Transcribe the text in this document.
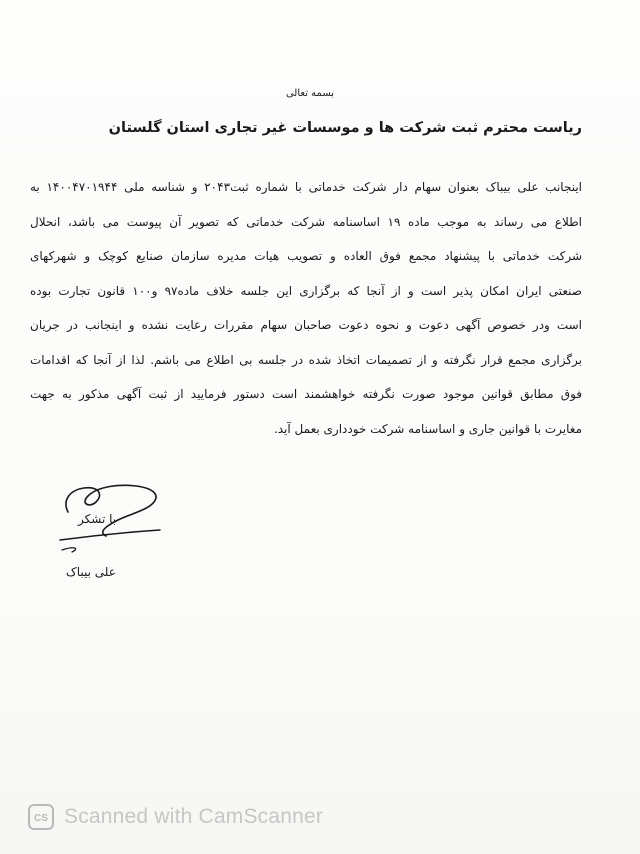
بسمه تعالی
ریاست محترم ثبت شرکت ها و موسسات غیر تجاری استان گلستان
اینجانب علی بیباک بعنوان سهام دار شرکت خدماتی با شماره ثبت۲۰۴۳ و شناسه ملی ۱۴۰۰۴۷۰۱۹۴۴ به
اطلاع می رساند به موجب ماده ۱۹ اساسنامه شرکت خدماتی که تصویر آن پیوست می باشد، انحلال
شرکت خدماتی با پیشنهاد مجمع فوق العاده و تصویب هیات مدیره سازمان صنایع کوچک و شهرکهای
صنعتی ایران امکان پذیر است و از آنجا که برگزاری این جلسه خلاف ماده۹۷ و۱۰۰ قانون تجارت بوده
است ودر خصوص آگهی دعوت و نحوه دعوت صاحبان سهام مقررات رعایت نشده و اینجانب در جریان
برگزاری مجمع قرار نگرفته و از تصمیمات اتخاذ شده در جلسه بی اطلاع می باشم. لذا از آنجا که اقدامات
فوق مطابق قوانین موجود صورت نگرفته خواهشمند است دستور فرمایید از ثبت آگهی مذکور به جهت
مغایرت با قوانین جاری و اساسنامه شرکت خودداری بعمل آید.
با تشکر
علی بیباک
CS Scanned with CamScanner
